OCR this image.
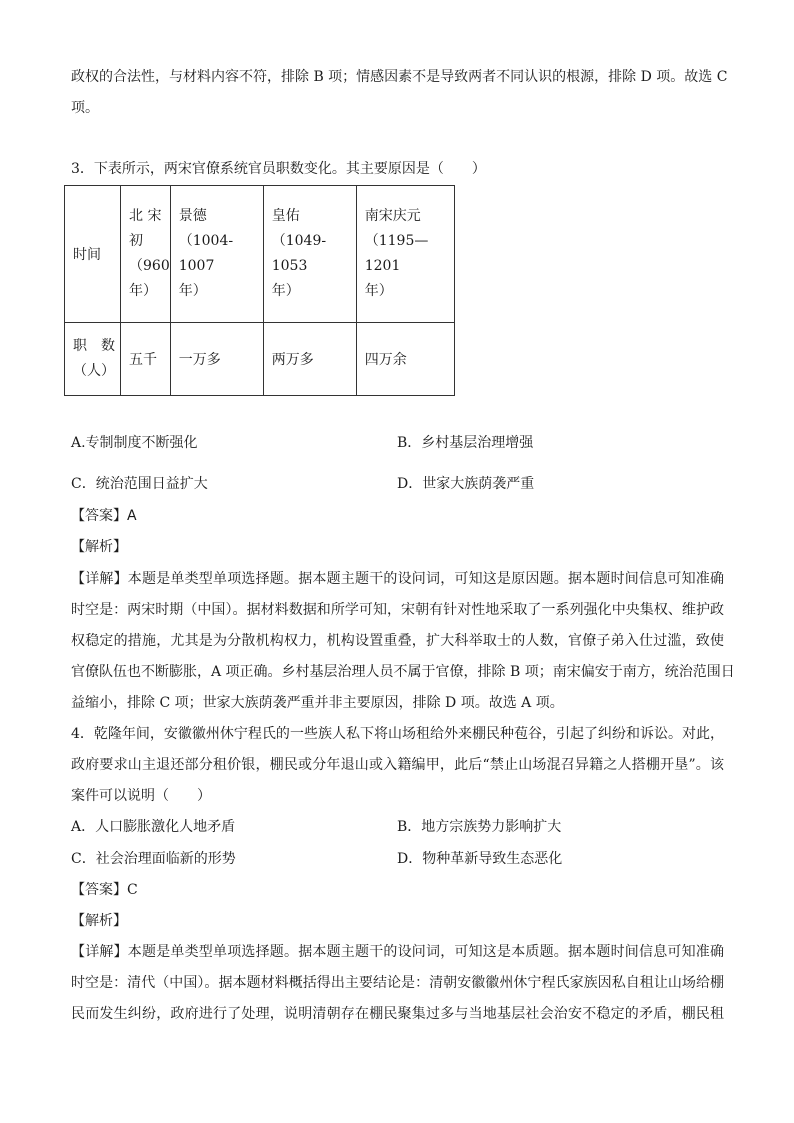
政权的合法性，与材料内容不符，排除 B 项；情感因素不是导致两者不同认识的根源，排除 D 项。故选 C
项。
3．下表所示，两宋官僚系统官员职数变化。其主要原因是（　　）
时间	北 宋
初
（960
年）	景德
（1004-1007
年）	皇佑
（1049-1053
年）	南宋庆元
（1195—1201
年）

职　数
（人）	五千	一万多	两万多	四万余
A.专制制度不断强化	B．乡村基层治理增强
C．统治范围日益扩大	D．世家大族荫袭严重
【答案】A
【解析】
【详解】本题是单类型单项选择题。据本题主题干的设问词，可知这是原因题。据本题时间信息可知准确
时空是：两宋时期（中国）。据材料数据和所学可知，宋朝有针对性地采取了一系列强化中央集权、维护政
权稳定的措施，尤其是为分散机构权力，机构设置重叠，扩大科举取士的人数，官僚子弟入仕过滥，致使
官僚队伍也不断膨胀，A 项正确。乡村基层治理人员不属于官僚，排除 B 项；南宋偏安于南方，统治范围日
益缩小，排除 C 项；世家大族荫袭严重并非主要原因，排除 D 项。故选 A 项。
4．乾隆年间，安徽徽州休宁程氏的一些族人私下将山场租给外来棚民种苞谷，引起了纠纷和诉讼。对此，
政府要求山主退还部分租价银，棚民或分年退山或入籍编甲，此后“禁止山场混召异籍之人搭棚开垦”。该
案件可以说明（　　）
A．人口膨胀激化人地矛盾	B．地方宗族势力影响扩大
C．社会治理面临新的形势	D．物种革新导致生态恶化
【答案】C
【解析】
【详解】本题是单类型单项选择题。据本题主题干的设问词，可知这是本质题。据本题时间信息可知准确
时空是：清代（中国）。据本题材料概括得出主要结论是：清朝安徽徽州休宁程氏家族因私自租让山场给棚
民而发生纠纷，政府进行了处理，说明清朝存在棚民聚集过多与当地基层社会治安不稳定的矛盾，棚民租
